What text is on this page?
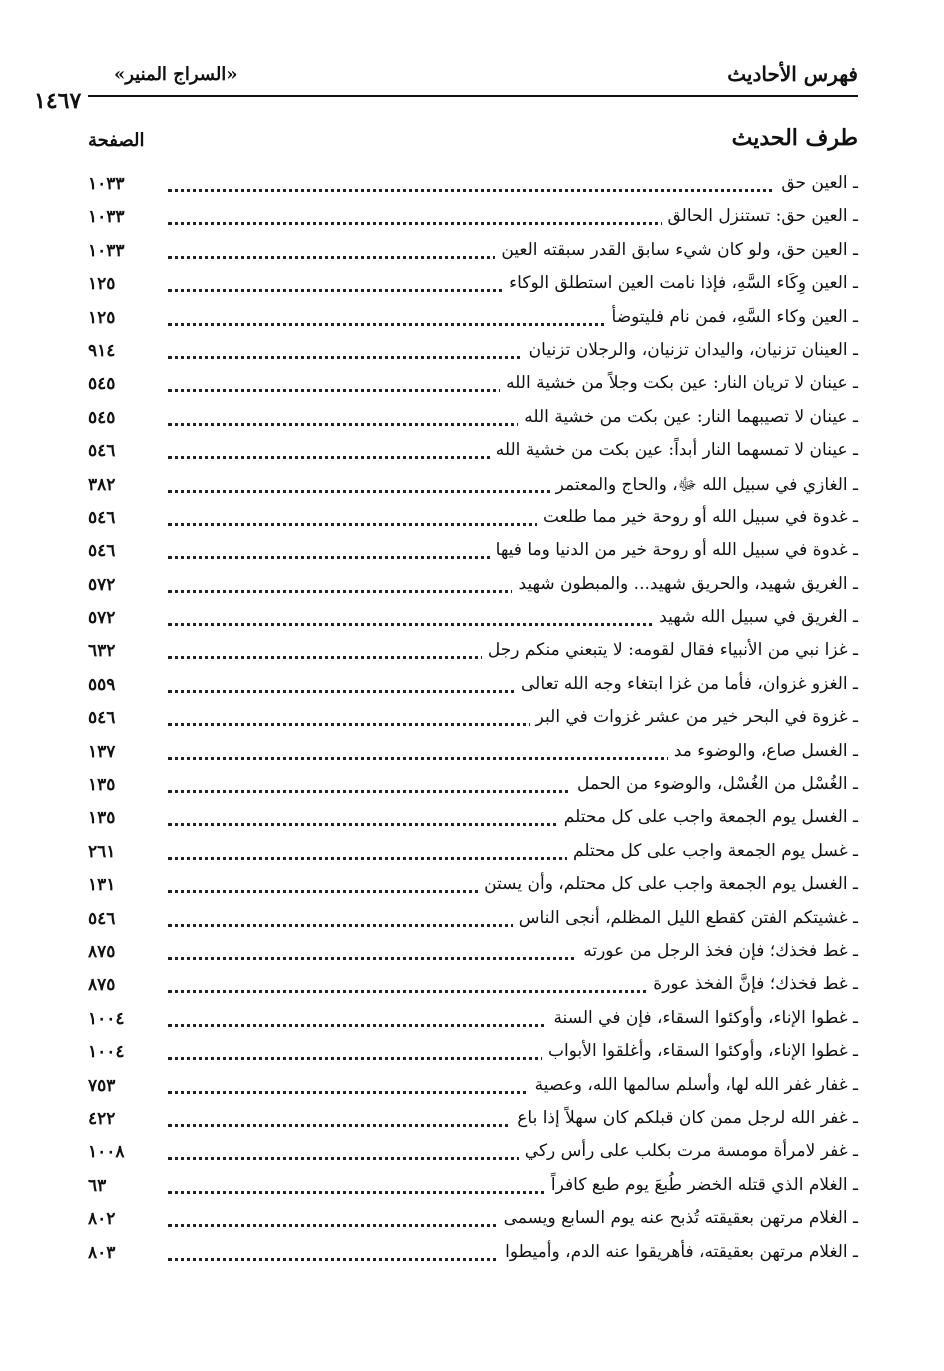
فهرس الأحاديث
«السراج المنير»
١٤٦٧
طرف الحديث
الصفحة
ـ العين حق
١٠٣٣
ـ العين حق: تستنزل الحالق
١٠٣٣
ـ العين حق، ولو كان شيء سابق القدر سبقته العين
١٠٣٣
ـ العين وِكَاء السَّهِ، فإذا نامت العين استطلق الوكاء
١٢٥
ـ العين وكاء السَّهِ، فمن نام فليتوضأ
١٢٥
ـ العينان تزنيان، واليدان تزنيان، والرجلان تزنيان
٩١٤
ـ عينان لا تريان النار: عين بكت وجلاً من خشية الله
٥٤٥
ـ عينان لا تصيبهما النار: عين بكت من خشية الله
٥٤٥
ـ عينان لا تمسهما النار أبداً: عين بكت من خشية الله
٥٤٦
ـ الغازي في سبيل الله ﷻ، والحاج والمعتمر
٣٨٢
ـ غدوة في سبيل الله أو روحة خير مما طلعت
٥٤٦
ـ غدوة في سبيل الله أو روحة خير من الدنيا وما فيها
٥٤٦
ـ الغريق شهيد، والحريق شهيد... والمبطون شهيد
٥٧٢
ـ الغريق في سبيل الله شهيد
٥٧٢
ـ غزا نبي من الأنبياء فقال لقومه: لا يتبعني منكم رجل
٦٣٢
ـ الغزو غزوان، فأما من غزا ابتغاء وجه الله تعالى
٥٥٩
ـ غزوة في البحر خير من عشر غزوات في البر
٥٤٦
ـ الغسل صاع، والوضوء مد
١٣٧
ـ الغُسْل من الغُسْل، والوضوء من الحمل
١٣٥
ـ الغسل يوم الجمعة واجب على كل محتلم
١٣٥
ـ غسل يوم الجمعة واجب على كل محتلم
٢٦١
ـ الغسل يوم الجمعة واجب على كل محتلم، وأن يستن
١٣١
ـ غشيتكم الفتن كقطع الليل المظلم، أنجى الناس
٥٤٦
ـ غط فخذك؛ فإن فخذ الرجل من عورته
٨٧٥
ـ غط فخذك؛ فإنَّ الفخذ عورة
٨٧٥
ـ غطوا الإناء، وأوكئوا السقاء، فإن في السنة
١٠٠٤
ـ غطوا الإناء، وأوكئوا السقاء، وأغلقوا الأبواب
١٠٠٤
ـ غفار غفر الله لها، وأسلم سالمها الله، وعصية
٧٥٣
ـ غفر الله لرجل ممن كان قبلكم كان سهلاً إذا باع
٤٢٢
ـ غفر لامرأة مومسة مرت بكلب على رأس ركي
١٠٠٨
ـ الغلام الذي قتله الخضر طُبعَ يوم طبع كافراً
٦٣
ـ الغلام مرتهن بعقيقته تُذبح عنه يوم السابع ويسمى
٨٠٢
ـ الغلام مرتهن بعقيقته، فأهريقوا عنه الدم، وأميطوا
٨٠٣
